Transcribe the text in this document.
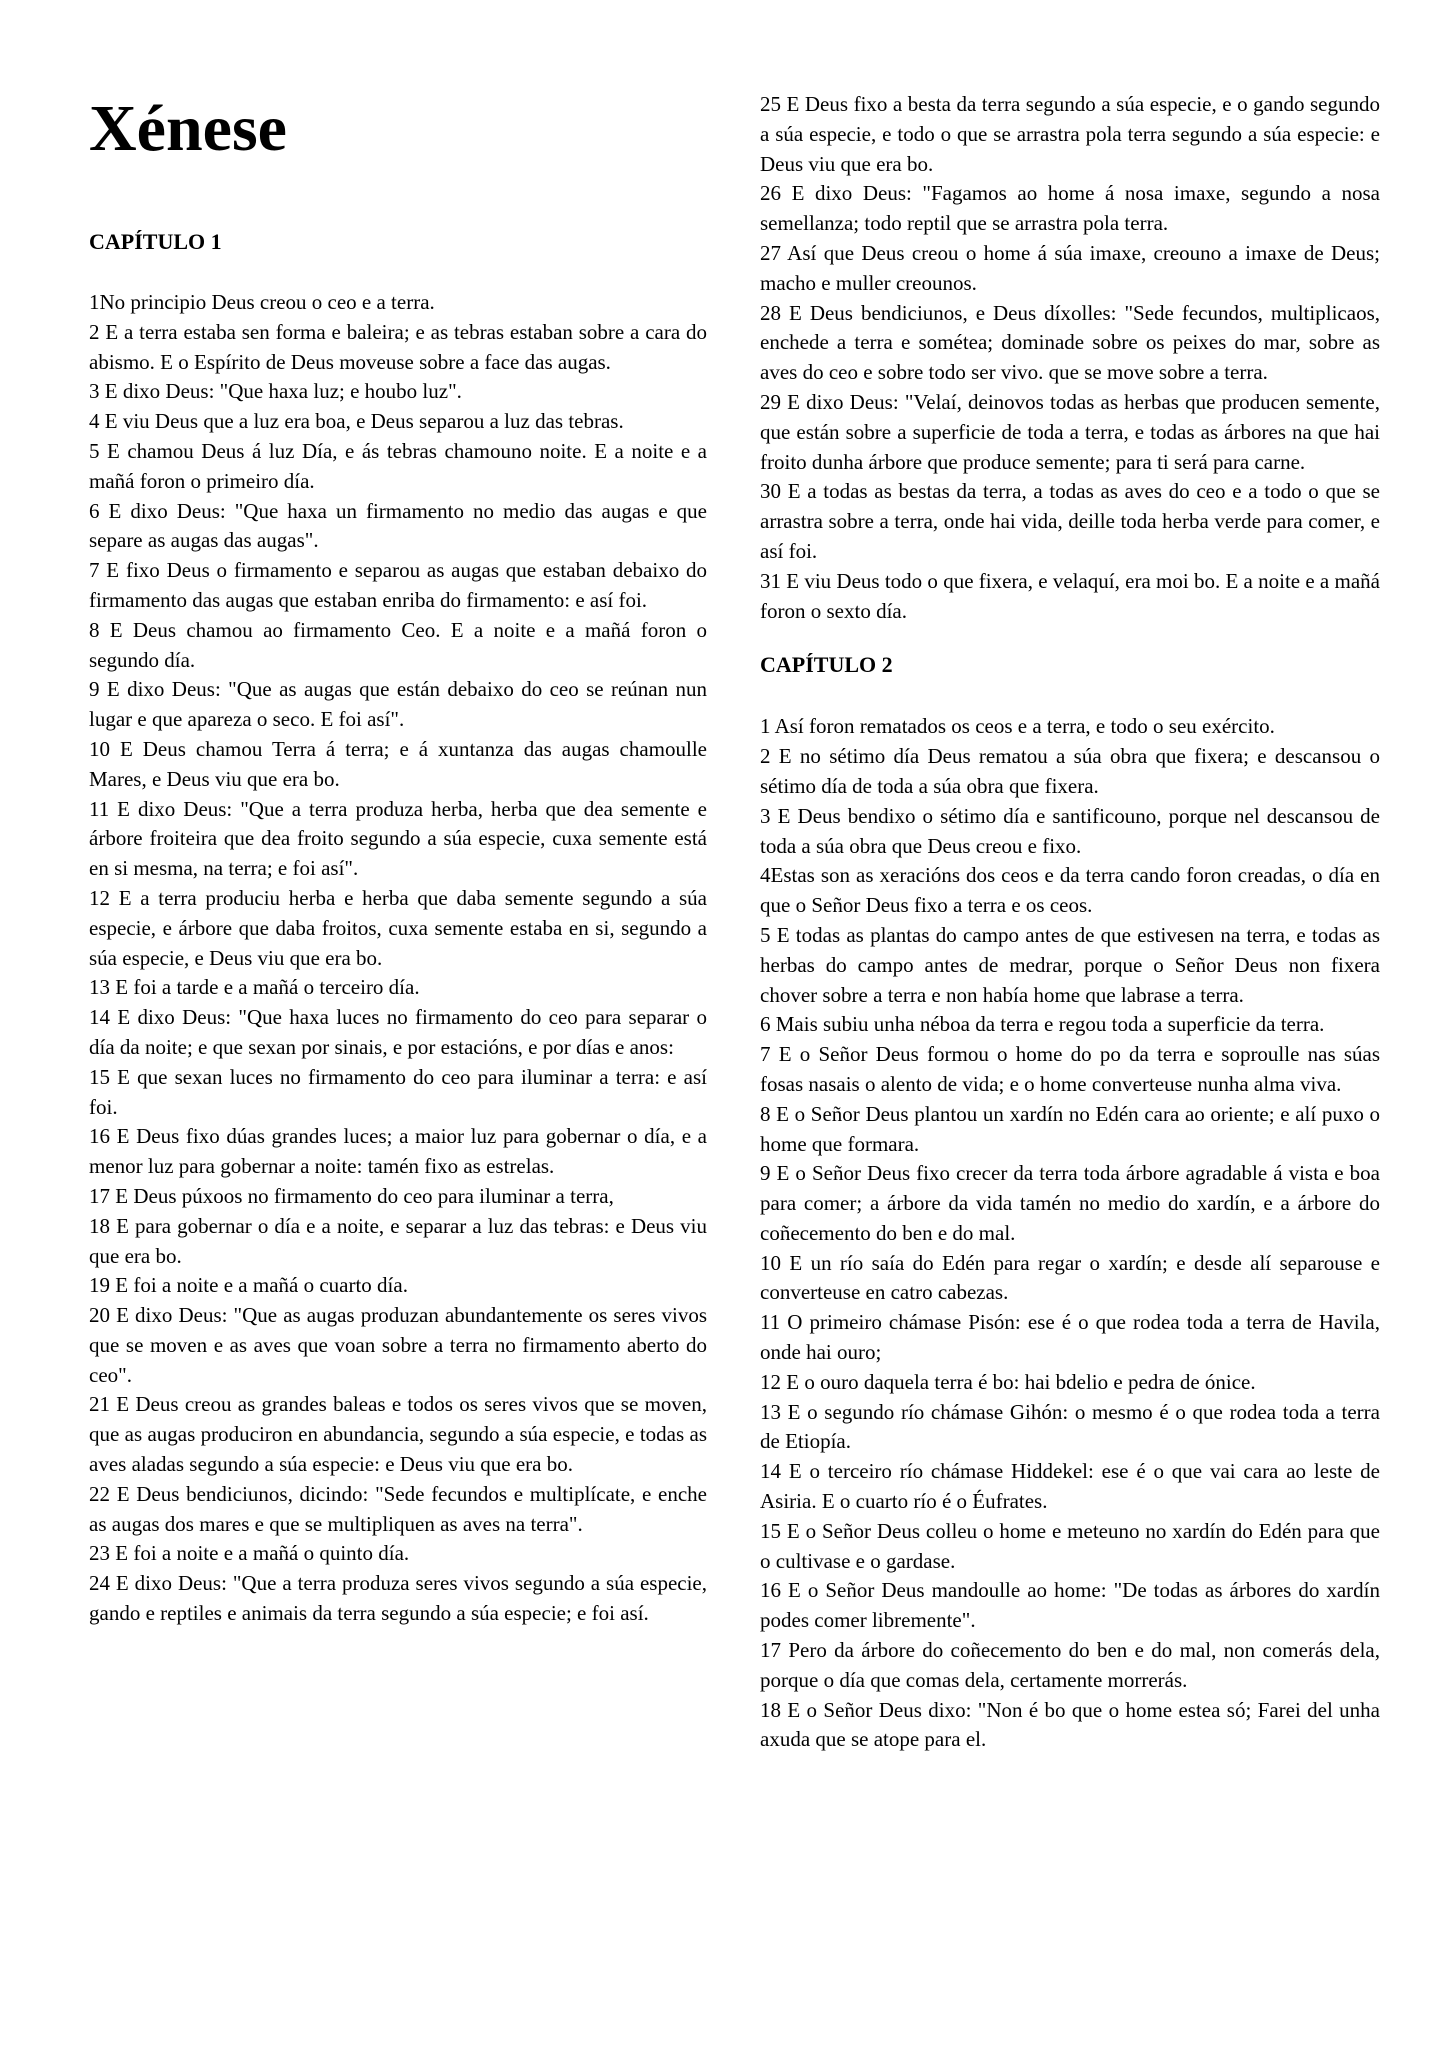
Xénese

CAPÍTULO 1

1No principio Deus creou o ceo e a terra.

2 E a terra estaba sen forma e baleira; e as tebras estaban sobre a cara do abismo. E o Espírito de Deus moveuse sobre a face das augas.

3 E dixo Deus: "Que haxa luz; e houbo luz".

4 E viu Deus que a luz era boa, e Deus separou a luz das tebras.

5 E chamou Deus á luz Día, e ás tebras chamouno noite. E a noite e a mañá foron o primeiro día.

6 E dixo Deus: "Que haxa un firmamento no medio das augas e que separe as augas das augas".

7 E fixo Deus o firmamento e separou as augas que estaban debaixo do firmamento das augas que estaban enriba do firmamento: e así foi.

8 E Deus chamou ao firmamento Ceo. E a noite e a mañá foron o segundo día.

9 E dixo Deus: "Que as augas que están debaixo do ceo se reúnan nun lugar e que apareza o seco. E foi así".

10 E Deus chamou Terra á terra; e á xuntanza das augas chamoulle Mares, e Deus viu que era bo.

11 E dixo Deus: "Que a terra produza herba, herba que dea semente e árbore froiteira que dea froito segundo a súa especie, cuxa semente está en si mesma, na terra; e foi así".

12 E a terra produciu herba e herba que daba semente segundo a súa especie, e árbore que daba froitos, cuxa semente estaba en si, segundo a súa especie, e Deus viu que era bo.

13 E foi a tarde e a mañá o terceiro día.

14 E dixo Deus: "Que haxa luces no firmamento do ceo para separar o día da noite; e que sexan por sinais, e por estacións, e por días e anos:

15 E que sexan luces no firmamento do ceo para iluminar a terra: e así foi.

16 E Deus fixo dúas grandes luces; a maior luz para gobernar o día, e a menor luz para gobernar a noite: tamén fixo as estrelas.

17 E Deus púxoos no firmamento do ceo para iluminar a terra,

18 E para gobernar o día e a noite, e separar a luz das tebras: e Deus viu que era bo.

19 E foi a noite e a mañá o cuarto día.

20 E dixo Deus: "Que as augas produzan abundantemente os seres vivos que se moven e as aves que voan sobre a terra no firmamento aberto do ceo".

21 E Deus creou as grandes baleas e todos os seres vivos que se moven, que as augas produciron en abundancia, segundo a súa especie, e todas as aves aladas segundo a súa especie: e Deus viu que era bo.

22 E Deus bendiciunos, dicindo: "Sede fecundos e multiplícate, e enche as augas dos mares e que se multipliquen as aves na terra".

23 E foi a noite e a mañá o quinto día.

24 E dixo Deus: "Que a terra produza seres vivos segundo a súa especie, gando e reptiles e animais da terra segundo a súa especie; e foi así.

25 E Deus fixo a besta da terra segundo a súa especie, e o gando segundo a súa especie, e todo o que se arrastra pola terra segundo a súa especie: e Deus viu que era bo.

26 E dixo Deus: "Fagamos ao home á nosa imaxe, segundo a nosa semellanza; todo reptil que se arrastra pola terra.

27 Así que Deus creou o home á súa imaxe, creouno a imaxe de Deus; macho e muller creounos.

28 E Deus bendiciunos, e Deus díxolles: "Sede fecundos, multiplicaos, enchede a terra e sométea; dominade sobre os peixes do mar, sobre as aves do ceo e sobre todo ser vivo. que se move sobre a terra.

29 E dixo Deus: "Velaí, deinovos todas as herbas que producen semente, que están sobre a superficie de toda a terra, e todas as árbores na que hai froito dunha árbore que produce semente; para ti será para carne.

30 E a todas as bestas da terra, a todas as aves do ceo e a todo o que se arrastra sobre a terra, onde hai vida, deille toda herba verde para comer, e así foi.

31 E viu Deus todo o que fixera, e velaquí, era moi bo. E a noite e a mañá foron o sexto día.

CAPÍTULO 2

1 Así foron rematados os ceos e a terra, e todo o seu exército.

2 E no sétimo día Deus rematou a súa obra que fixera; e descansou o sétimo día de toda a súa obra que fixera.

3 E Deus bendixo o sétimo día e santificouno, porque nel descansou de toda a súa obra que Deus creou e fixo.

4Estas son as xeracións dos ceos e da terra cando foron creadas, o día en que o Señor Deus fixo a terra e os ceos.

5 E todas as plantas do campo antes de que estivesen na terra, e todas as herbas do campo antes de medrar, porque o Señor Deus non fixera chover sobre a terra e non había home que labrase a terra.

6 Mais subiu unha néboa da terra e regou toda a superficie da terra.

7 E o Señor Deus formou o home do po da terra e soproulle nas súas fosas nasais o alento de vida; e o home converteuse nunha alma viva.

8 E o Señor Deus plantou un xardín no Edén cara ao oriente; e alí puxo o home que formara.

9 E o Señor Deus fixo crecer da terra toda árbore agradable á vista e boa para comer; a árbore da vida tamén no medio do xardín, e a árbore do coñecemento do ben e do mal.

10 E un río saía do Edén para regar o xardín; e desde alí separouse e converteuse en catro cabezas.

11 O primeiro chámase Pisón: ese é o que rodea toda a terra de Havila, onde hai ouro;

12 E o ouro daquela terra é bo: hai bdelio e pedra de ónice.

13 E o segundo río chámase Gihón: o mesmo é o que rodea toda a terra de Etiopía.

14 E o terceiro río chámase Hiddekel: ese é o que vai cara ao leste de Asiria. E o cuarto río é o Éufrates.

15 E o Señor Deus colleu o home e meteuno no xardín do Edén para que o cultivase e o gardase.

16 E o Señor Deus mandoulle ao home: "De todas as árbores do xardín podes comer libremente".

17 Pero da árbore do coñecemento do ben e do mal, non comerás dela, porque o día que comas dela, certamente morrerás.

18 E o Señor Deus dixo: "Non é bo que o home estea só; Farei del unha axuda que se atope para el.
